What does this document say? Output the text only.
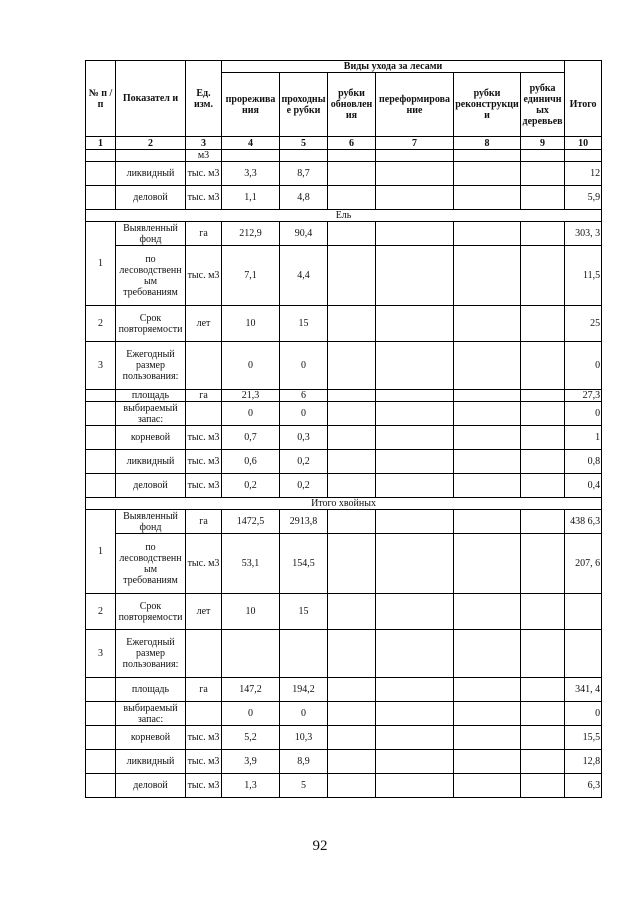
№ п /п	Показател и	Ед. изм.	Виды ухода за лесами						
			прореживания	проходные рубки	рубки обновления	переформирование	рубки реконструкции	рубка единичных деревьев	Итого
1	2	3	4	5	6	7	8	9	10
		м3							
	ликвидный	тыс. м3	3,3	8,7					12
	деловой	тыс. м3	1,1	4,8					5,9
Ель									
1	Выявленный фонд	га	212,9	90,4					303, 3
	по лесоводственным требованиям	тыс. м3	7,1	4,4					11,5
2	Срок повторяемости	лет	10	15					25
3	Ежегодный размер пользования:		0	0					0
	площадь	га	21,3	6					27,3
	выбираемый запас:		0	0					0
	корневой	тыс. м3	0,7	0,3					1
	ликвидный	тыс. м3	0,6	0,2					0,8
	деловой	тыс. м3	0,2	0,2					0,4
Итого хвойных									
1	Выявленный фонд	га	1472,5	2913,8					438 6,3
	по лесоводственным требованиям	тыс. м3	53,1	154,5					207, 6
2	Срок повторяемости	лет	10	15					
3	Ежегодный размер пользования:								
	площадь	га	147,2	194,2					341, 4
	выбираемый запас:		0	0					0
	корневой	тыс. м3	5,2	10,3					15,5
	ликвидный	тыс. м3	3,9	8,9					12,8
	деловой	тыс. м3	1,3	5					6,3
92
